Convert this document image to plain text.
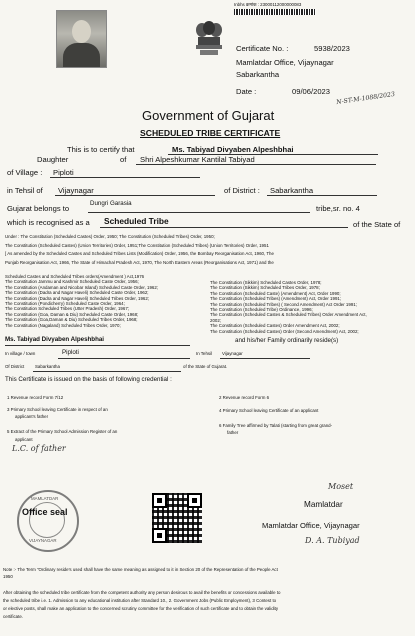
Inbhs क्रमांक : 23000112000000083
Certificate No. :	5938/2023
Mamlatdar Office, Vijaynagar
Sabarkantha
Date :	09/06/2023 N-ST-M-1088/2023
Government of Gujarat
SCHEDULED TRIBE CERTIFICATE
This is to certify that	Ms. Tabiyad Divyaben Alpeshbhai
Daughter	of Shri Alpeshkumar Kantilal Tabiyad
of Village : Piploti
in Tehsil of Vijaynagar	of District : Sabarkantha
Gujarat belongs to
Dungri Garasia
tribe,sr. no. 4
which is recognised as a Scheduled Tribe	of the State of
Under : The Constitution (Scheduled Castes) Order, 1950; The Constitution (Scheduled Tribes) Order, 1950;
The Constitution (Scheduled Castes) (Union Territories) Order, 1951;The Constitution (Scheduled Tribes) (Union Territories) Order, 1951
[ As amended by the Scheduled Castes and Scheduled Tribes Lists (Modification) Order, 1956, the Bombay Reorganisation Act, 1960, The
Punjab Reorganisation Act, 1966, The State of Himachal Pradesh Act, 1970, The North Eastern Areas (Reorganisations Act, 1971) and the
Scheduled Castes and Scheduled Tribes orders(Amendment ) Act,1976
The Constitution Jammu and Kashmir Scheduled Caste Order, 1956;
The Constitution (Andaman and Nicobar Island) Scheduled Caste Order, 1962;
The Constitution (Dadra and Nagar Haveli) Scheduled Caste Order, 1962;
The Constitution (Dadra and Nagar Haveli) Scheduled Tribes Order, 1962;
The Constitution (Pondicherry) Scheduled Caste Order, 1964;
The Constitution Scheduled Tribes (Utter Pradesh) Order, 1967;
The Constitution (Goa, Daman & Diu) Scheduled Caste Order, 1968;
The Constitution (Goa,Daman & Diu) Scheduled Tribes Order, 1968;
The Constitution (Nagaland) Scheduled Tribes Order, 1970;
The Constitution (Sikkim) Scheduled Castes Order, 1978;
The Constitution (Sikkim) Scheduled Tribes Order, 1978;
The Constitution (Scheduled Caste) (Amendment) Act, Order 1990;
The Constitution (Scheduled Tribes) (Amendment) Act, Order 1991;
The Constitution (Scheduled Tribes) ( Second Amendment) Act Order 1991;
The Constitution (Scheduled Tribe) Ordinance, 1996;
The Constitution (Scheduled Castes & Scheduled Tribes) Order Amendment Act,
2002;
The Constitution (Scheduled Castes) Order Amendment Act, 2002;
The Constitution (Scheduled Castes) Order (Second Amendment) Act, 2002;
Ms. Tabiyad Divyaben Alpeshbhai	and his/her Family ordinarily reside(s)
In village / town	Piploti	In Tehsil Vijaynagar
Of District Sabarkantha	of the State of Gujarat.
This Certificate is issued on the basis of following credential :
1 Revenue record Form 7/12	2 Revenue record Form 6
3 Primary School leaving Certificate in respect of an
applicant's father
4 Primary School leaving Certificate of an applicant
5 Extract of the Primary School Admission Register of an
applicant
6 Family Tree affirmed by Talati (starting from great grand-
father
L.C. of father
MAMLATDAR
VIJAYNAGAR
Office seal
Moset
Mamlatdar
Mamlatdar Office, Vijaynagar
D. A. Tubiyad
Note :- The Term "Ordinary reside's used shall have the same meaning as assigned to it in Section 20 of the Representation of the People Act
1950
After obtaining the scheduled tribe certificate from the competent authority any person desirous to avail the benefits or concessions available to
the scheduled tribe i.e. 1. Admission to any educational institution after Standard 10., 2. Government Jobs (Public Employment), 3 Contest to
or elective posts, shall make an application to the concerned scrutiny committee for the verification of such certificate and to obtain the validity
certificate.
